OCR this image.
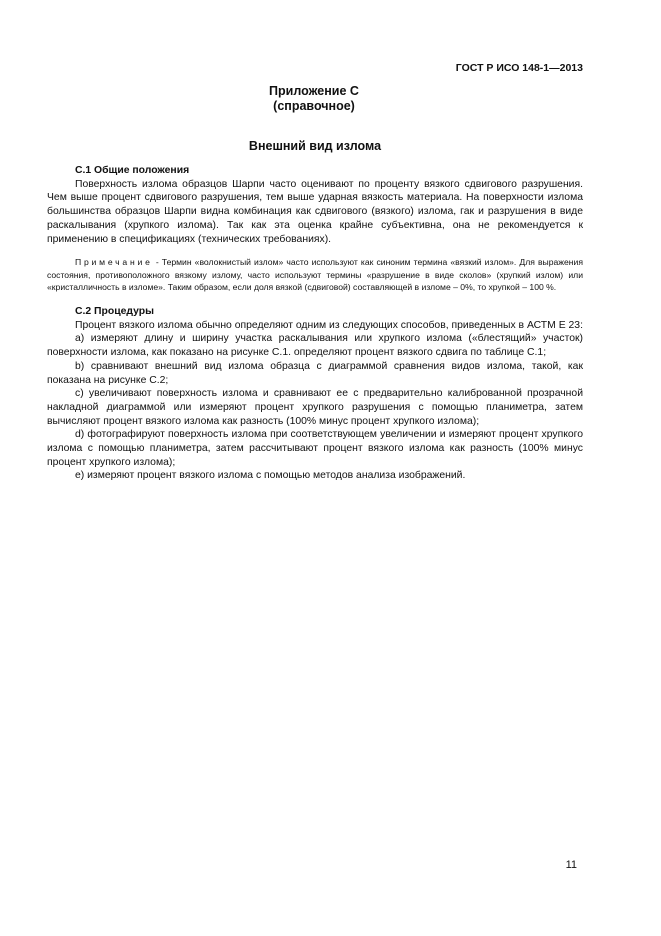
ГОСТ Р ИСО 148-1—2013
Приложение С
(справочное)
Внешний вид излома

С.1 Общие положения

Поверхность излома образцов Шарпи часто оценивают по проценту вязкого сдвигового разрушения. Чем выше процент сдвигового разрушения, тем выше ударная вязкость материала. На поверхности излома большинства образцов Шарпи видна комбинация как сдвигового (вязкого) излома, гак и разрушения в виде раскалывания (хрупкого излома). Так как эта оценка крайне субъективна, она не рекомендуется к применению в спецификациях (технических требованиях).

Примечание - Термин «волокнистый излом» часто используют как синоним термина «вязкий излом». Для выражения состояния, противоположного вязкому излому, часто используют термины «разрушение в виде сколов» (хрупкий излом) или «кристалличность в изломе». Таким образом, если доля вязкой (сдвиговой) составляющей в изломе – 0%, то хрупкой – 100 %.

С.2 Процедуры

Процент вязкого излома обычно определяют одним из следующих способов, приведенных в АСТМ Е 23:

а) измеряют длину и ширину участка раскалывания или хрупкого излома («блестящий» участок) поверхности излома, как показано на рисунке С.1. определяют процент вязкого сдвига по таблице С.1;

b) сравнивают внешний вид излома образца с диаграммой сравнения видов излома, такой, как показана на рисунке С.2;

с) увеличивают поверхность излома и сравнивают ее с предварительно калиброванной прозрачной накладной диаграммой или измеряют процент хрупкого разрушения с помощью планиметра, затем вычисляют процент вязкого излома как разность (100% минус процент хрупкого излома);

d) фотографируют поверхность излома при соответствующем увеличении и измеряют процент хрупкого излома с помощью планиметра, затем рассчитывают процент вязкого излома как разность (100% минус процент хрупкого излома);

е) измеряют процент вязкого излома с помощью методов анализа изображений.

11
